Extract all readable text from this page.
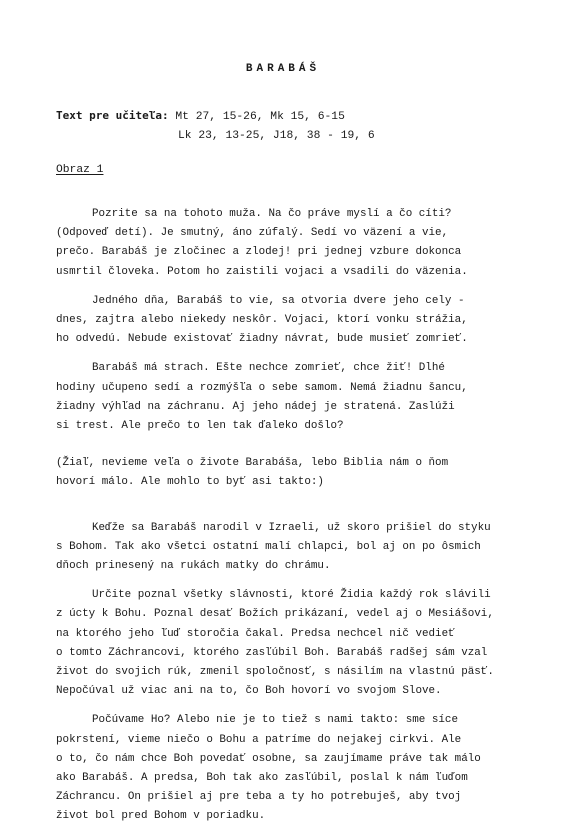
BARABÁŠ
Text pre učiteľa: Mt 27, 15-26, Mk 15, 6-15
Lk 23, 13-25, J18, 38 - 19, 6
Obraz 1

Pozrite sa na tohoto muža. Na čo práve myslí a čo cíti?
(Odpoveď detí). Je smutný, áno zúfalý. Sedí vo väzení a vie,
prečo. Barabáš je zločinec a zlodej! pri jednej vzbure dokonca
usmrtil človeka. Potom ho zaistili vojaci a vsadili do väzenia.

Jedného dňa, Barabáš to vie, sa otvoria dvere jeho cely -
dnes, zajtra alebo niekedy neskôr. Vojaci, ktorí vonku strážia,
ho odvedú. Nebude existovať žiadny návrat, bude musieť zomrieť.

Barabáš má strach. Ešte nechce zomrieť, chce žiť! Dlhé
hodiny učupeno sedí a rozmýšľa o sebe samom. Nemá žiadnu šancu,
žiadny výhľad na záchranu. Aj jeho nádej je stratená. Zaslúži
si trest. Ale prečo to len tak ďaleko došlo?

(Žiaľ, nevieme veľa o živote Barabáša, lebo Biblia nám o ňom
hovorí málo. Ale mohlo to byť asi takto:)

Keďže sa Barabáš narodil v Izraeli, už skoro prišiel do styku
s Bohom. Tak ako všetci ostatní malí chlapci, bol aj on po ôsmich
dňoch prinesený na rukách matky do chrámu.

Určite poznal všetky slávnosti, ktoré Židia každý rok slávili
z úcty k Bohu. Poznal desať Božích prikázaní, vedel aj o Mesiášovi,
na ktorého jeho ľuď storočia čakal. Predsa nechcel nič vedieť
o tomto Záchrancovi, ktorého zasľúbil Boh. Barabáš radšej sám vzal
život do svojich rúk, zmenil spoločnosť, s násilím na vlastnú päsť.
Nepočúval už viac ani na to, čo Boh hovorí vo svojom Slove.

Počúvame Ho? Alebo nie je to tiež s nami takto: sme síce
pokrstení, vieme niečo o Bohu a patríme do nejakej cirkvi. Ale
o to, čo nám chce Boh povedať osobne, sa zaujímame práve tak málo
ako Barabáš. A predsa, Boh tak ako zasľúbil, poslal k nám ľuďom
Záchrancu. On prišiel aj pre teba a ty ho potrebuješ, aby tvoj
život bol pred Bohom v poriadku.
